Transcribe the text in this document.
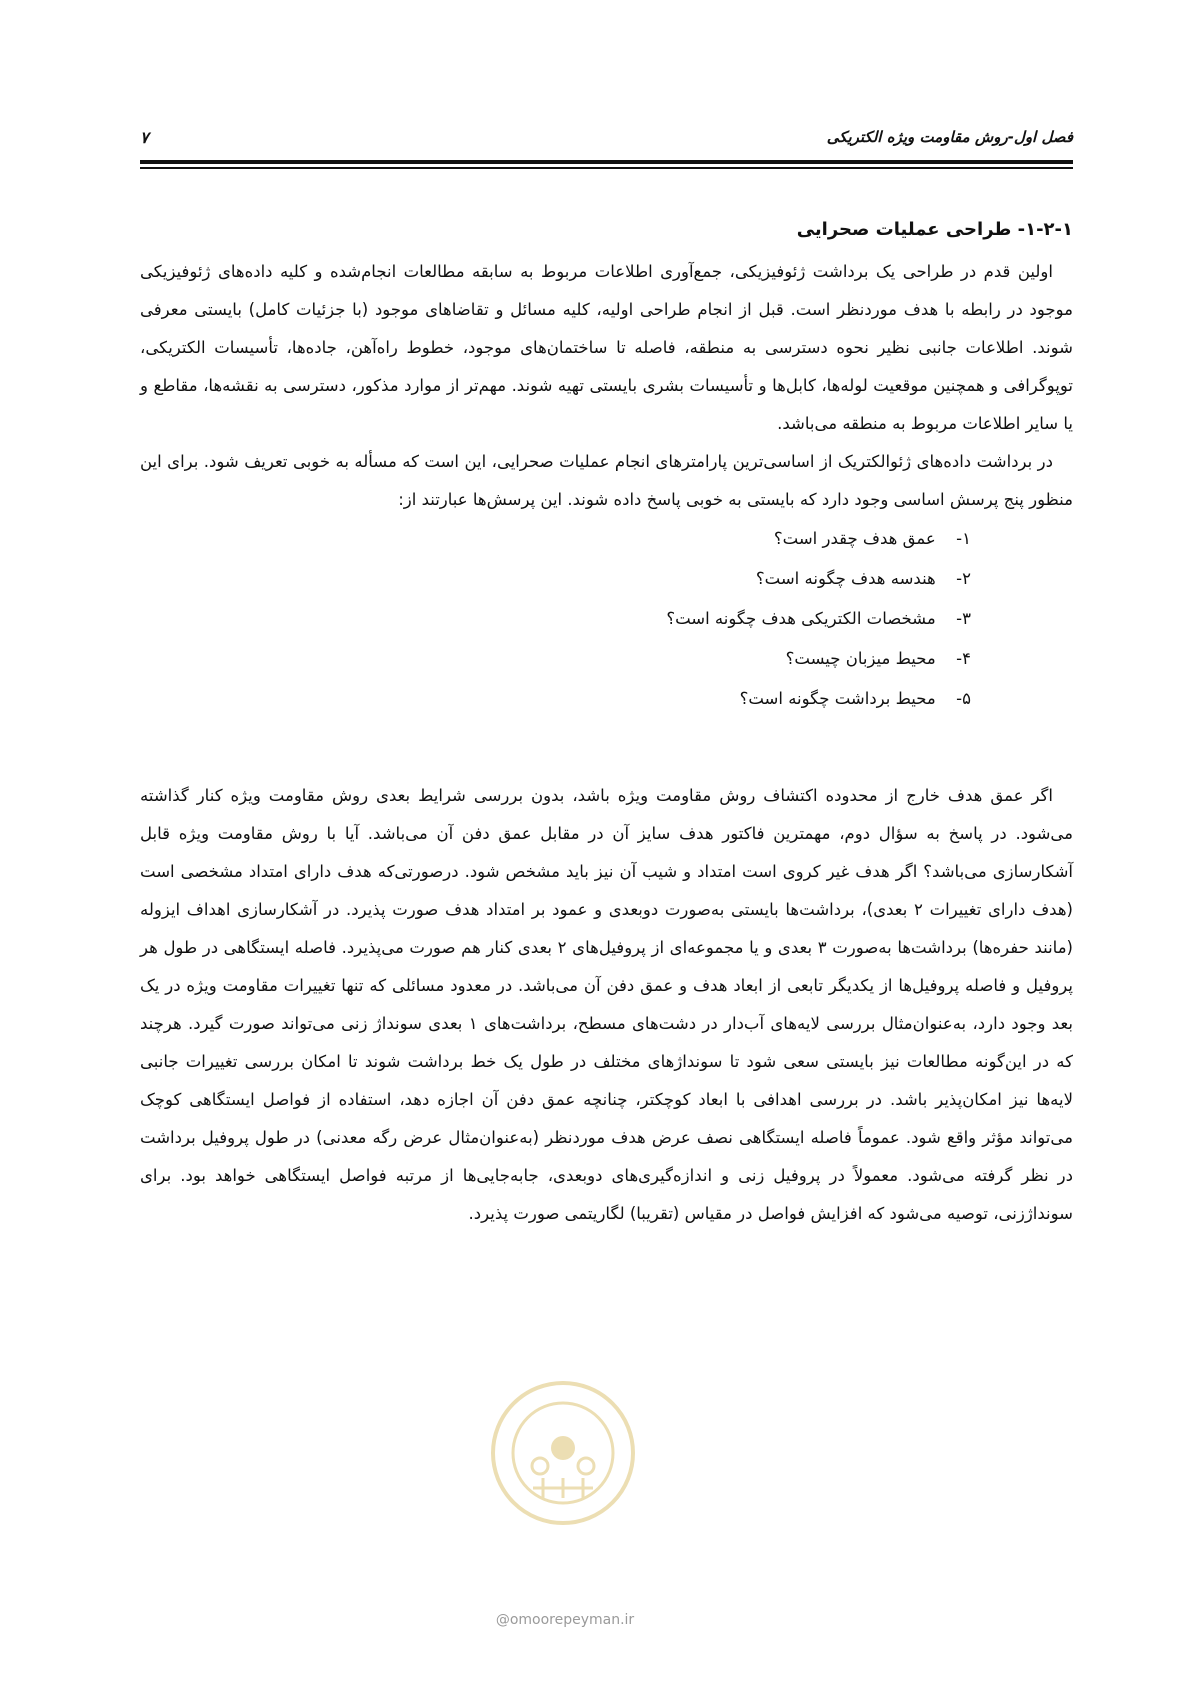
فصل اول-روش مقاومت ویژه الکتریکی
۷
۱-۲-۱- طراحی عملیات صحرایی

اولین قدم در طراحی یک برداشت ژئوفیزیکی، جمع‌آوری اطلاعات مربوط به سابقه مطالعات انجام‌شده و کلیه داده‌های ژئوفیزیکی موجود در رابطه با هدف موردنظر است. قبل از انجام طراحی اولیه، کلیه مسائل و تقاضاهای موجود (با جزئیات کامل) بایستی معرفی شوند. اطلاعات جانبی نظیر نحوه دسترسی به منطقه، فاصله تا ساختمان‌های موجود، خطوط راه‌آهن، جاده‌ها، تأسیسات الکتریکی، توپوگرافی و همچنین موقعیت لوله‌ها، کابل‌ها و تأسیسات بشری بایستی تهیه شوند. مهم‌تر از موارد مذکور، دسترسی به نقشه‌ها، مقاطع و یا سایر اطلاعات مربوط به منطقه می‌باشد.

در برداشت داده‌های ژئوالکتریک از اساسی‌ترین پارامترهای انجام عملیات صحرایی، این است که مسأله به خوبی تعریف شود. برای این منظور پنج پرسش اساسی وجود دارد که بایستی به خوبی پاسخ داده شوند. این پرسش‌ها عبارتند از:

۱- عمق هدف چقدر است؟
۲- هندسه هدف چگونه است؟
۳- مشخصات الکتریکی هدف چگونه است؟
۴- محیط میزبان چیست؟
۵- محیط برداشت چگونه است؟

اگر عمق هدف خارج از محدوده اکتشاف روش مقاومت ویژه باشد، بدون بررسی شرایط بعدی روش مقاومت ویژه کنار گذاشته می‌شود. در پاسخ به سؤال دوم، مهمترین فاکتور هدف سایز آن در مقابل عمق دفن آن می‌باشد. آیا با روش مقاومت ویژه قابل آشکارسازی می‌باشد؟ اگر هدف غیر کروی است امتداد و شیب آن نیز باید مشخص شود. درصورتی‌که هدف دارای امتداد مشخصی است (هدف دارای تغییرات ۲ بعدی)، برداشت‌ها بایستی به‌صورت دوبعدی و عمود بر امتداد هدف صورت پذیرد. در آشکارسازی اهداف ایزوله (مانند حفره‌ها) برداشت‌ها به‌صورت ۳ بعدی و یا مجموعه‌ای از پروفیل‌های ۲ بعدی کنار هم صورت می‌پذیرد. فاصله ایستگاهی در طول هر پروفیل و فاصله پروفیل‌ها از یکدیگر تابعی از ابعاد هدف و عمق دفن آن می‌باشد. در معدود مسائلی که تنها تغییرات مقاومت ویژه در یک بعد وجود دارد، به‌عنوان‌مثال بررسی لایه‌های آب‌دار در دشت‌های مسطح، برداشت‌های ۱ بعدی سونداژ زنی می‌تواند صورت گیرد. هرچند که در این‌گونه مطالعات نیز بایستی سعی شود تا سونداژهای مختلف در طول یک خط برداشت شوند تا امکان بررسی تغییرات جانبی لایه‌ها نیز امکان‌پذیر باشد. در بررسی اهدافی با ابعاد کوچکتر، چنانچه عمق دفن آن اجازه دهد، استفاده از فواصل ایستگاهی کوچک می‌تواند مؤثر واقع شود. عموماً فاصله ایستگاهی نصف عرض هدف موردنظر (به‌عنوان‌مثال عرض رگه معدنی) در طول پروفیل برداشت در نظر گرفته می‌شود. معمولاً در پروفیل زنی و اندازه‌گیری‌های دوبعدی، جابه‌جایی‌ها از مرتبه فواصل ایستگاهی خواهد بود. برای سونداژزنی، توصیه می‌شود که افزایش فواصل در مقیاس (تقریبا) لگاریتمی صورت پذیرد.

@omoorepeyman.ir
